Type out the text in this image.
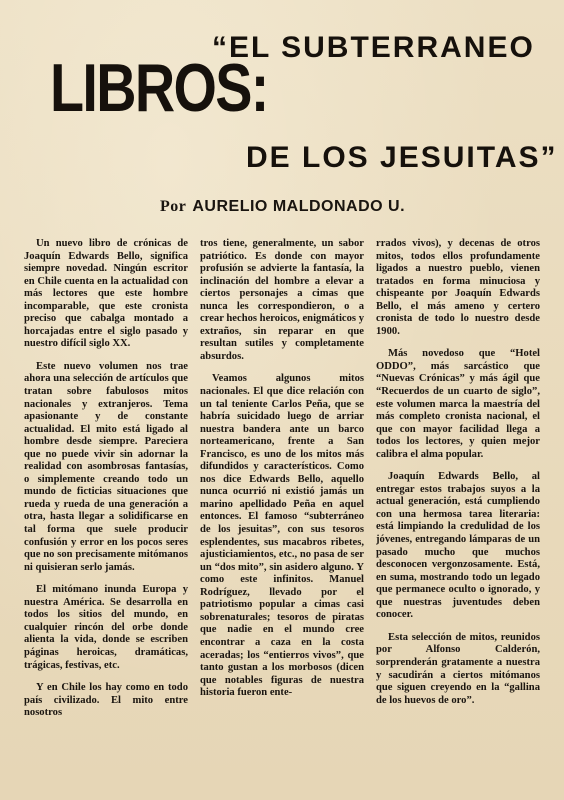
“EL SUBTERRANEO
LIBROS:
DE LOS JESUITAS”
Por AURELIO MALDONADO U.

Un nuevo libro de crónicas de Joaquín Edwards Bello, significa siempre novedad. Ningún escritor en Chile cuenta en la actualidad con más lectores que este hombre incomparable, que este cronista preciso que cabalga montado a horcajadas entre el siglo pasado y nuestro difícil siglo XX.

Este nuevo volumen nos trae ahora una selección de artículos que tratan sobre fabulosos mitos nacionales y extranjeros. Tema apasionante y de constante actualidad. El mito está ligado al hombre desde siempre. Pareciera que no puede vivir sin adornar la realidad con asombrosas fantasías, o simplemente creando todo un mundo de ficticias situaciones que rueda y rueda de una generación a otra, hasta llegar a solidificarse en tal forma que suele producir confusión y error en los pocos seres que no son precisamente mitómanos ni quisieran serlo jamás.

El mitómano inunda Europa y nuestra América. Se desarrolla en todos los sitios del mundo, en cualquier rincón del orbe donde alienta la vida, donde se escriben páginas heroicas, dramáticas, trágicas, festivas, etc.

Y en Chile los hay como en todo país civilizado. El mito entre nosotros

tros tiene, generalmente, un sabor patriótico. Es donde con mayor profusión se advierte la fantasía, la inclinación del hombre a elevar a ciertos personajes a cimas que nunca les correspondieron, o a crear hechos heroicos, enigmáticos y extraños, sin reparar en que resultan sutiles y completamente absurdos.

Veamos algunos mitos nacionales. El que dice relación con un tal teniente Carlos Peña, que se habría suicidado luego de arriar nuestra bandera ante un barco norteamericano, frente a San Francisco, es uno de los mitos más difundidos y característicos. Como nos dice Edwards Bello, aquello nunca ocurrió ni existió jamás un marino apellidado Peña en aquel entonces. El famoso “subterráneo de los jesuitas”, con sus tesoros esplendentes, sus macabros ribetes, ajusticiamientos, etc., no pasa de ser un “dos mito”, sin asidero alguno. Y como este infinitos. Manuel Rodríguez, llevado por el patriotismo popular a cimas casi sobrenaturales; tesoros de piratas que nadie en el mundo cree encontrar a caza en la costa aceradas; los “entierros vivos”, que tanto gustan a los morbosos (dicen que notables figuras de nuestra historia fueron ente-

rrados vivos), y decenas de otros mitos, todos ellos profundamente ligados a nuestro pueblo, vienen tratados en forma minuciosa y chispeante por Joaquín Edwards Bello, el más ameno y certero cronista de todo lo nuestro desde 1900.

Más novedoso que “Hotel ODDO”, más sarcástico que “Nuevas Crónicas” y más ágil que “Recuerdos de un cuarto de siglo”, este volumen marca la maestría del más completo cronista nacional, el que con mayor facilidad llega a todos los lectores, y quien mejor calibra el alma popular.

Joaquín Edwards Bello, al entregar estos trabajos suyos a la actual generación, está cumpliendo con una hermosa tarea literaria: está limpiando la credulidad de los jóvenes, entregando lámparas de un pasado mucho que muchos desconocen vergonzosamente. Está, en suma, mostrando todo un legado que permanece oculto o ignorado, y que nuestras juventudes deben conocer.

Esta selección de mitos, reunidos por Alfonso Calderón, sorprenderán gratamente a nuestra y sacudirán a ciertos mitómanos que siguen creyendo en la “gallina de los huevos de oro”.
